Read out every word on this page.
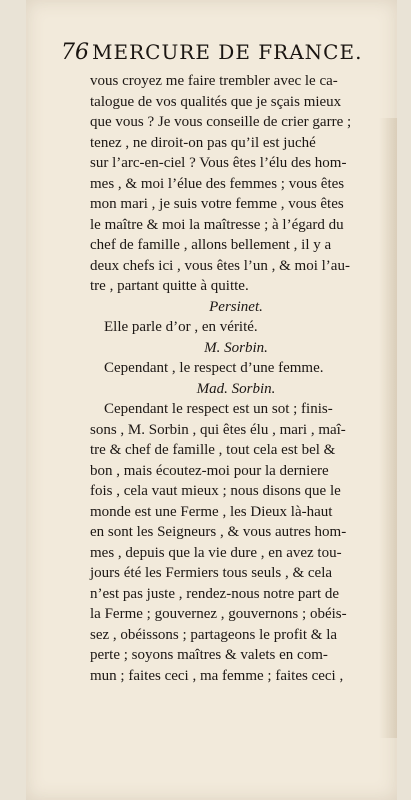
76 MERCURE DE FRANCE.
vous croyez me faire trembler avec le ca-
talogue de vos qualités que je sçais mieux
que vous ? Je vous conseille de crier garre ;
tenez , ne diroit-on pas qu’il est juché
sur l’arc-en-ciel ? Vous êtes l’élu des hom-
mes , & moi l’élue des femmes ; vous êtes
mon mari , je suis votre femme , vous êtes
le maître & moi la maîtresse ; à l’égard du
chef de famille , allons bellement , il y a
deux chefs ici , vous êtes l’un , & moi l’au-
tre , partant quitte à quitte.
Persinet.
Elle parle d’or , en vérité.
M. Sorbin.
Cependant , le respect d’une femme.
Mad. Sorbin.
Cependant le respect est un sot ; finis-
sons , M. Sorbin , qui êtes élu , mari , maî-
tre & chef de famille , tout cela est bel &
bon , mais écoutez-moi pour la derniere
fois , cela vaut mieux ; nous disons que le
monde est une Ferme , les Dieux là-haut
en sont les Seigneurs , & vous autres hom-
mes , depuis que la vie dure , en avez tou-
jours été les Fermiers tous seuls , & cela
n’est pas juste , rendez-nous notre part de
la Ferme ; gouvernez , gouvernons ; obéis-
sez , obéissons ; partageons le profit & la
perte ; soyons maîtres & valets en com-
mun ; faites ceci , ma femme ; faites ceci ,
